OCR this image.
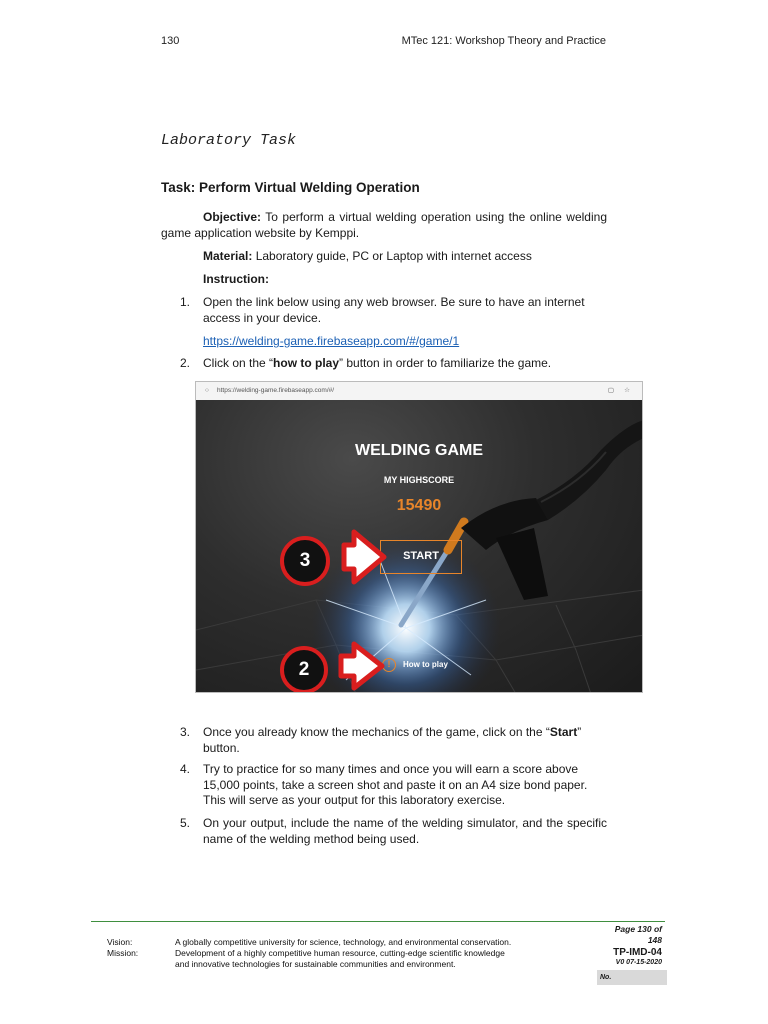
130	MTec 121: Workshop Theory and Practice
Laboratory Task
Task: Perform Virtual Welding Operation
Objective: To perform a virtual welding operation using the online welding game application website by Kemppi.
Material: Laboratory guide, PC or Laptop with internet access
Instruction:
1. Open the link below using any web browser. Be sure to have an internet access in your device.
https://welding-game.firebaseapp.com/#/game/1
2. Click on the “how to play” button in order to familiarize the game.
○ https://welding-game.firebaseapp.com/#/	▢ ☆
WELDING GAME
MY HIGHSCORE
15490
START
!	How to play
3
2
3. Once you already know the mechanics of the game, click on the “Start” button.
4. Try to practice for so many times and once you will earn a score above 15,000 points, take a screen shot and paste it on an A4 size bond paper. This will serve as your output for this laboratory exercise.
5. On your output, include the name of the welding simulator, and the specific name of the welding method being used.
Vision:	A globally competitive university for science, technology, and environmental conservation.
Mission:	Development of a highly competitive human resource, cutting-edge scientific knowledge
and innovative technologies for sustainable communities and environment.
Page 130 of
148
TP-IMD-04
V0 07-15-2020
No.
